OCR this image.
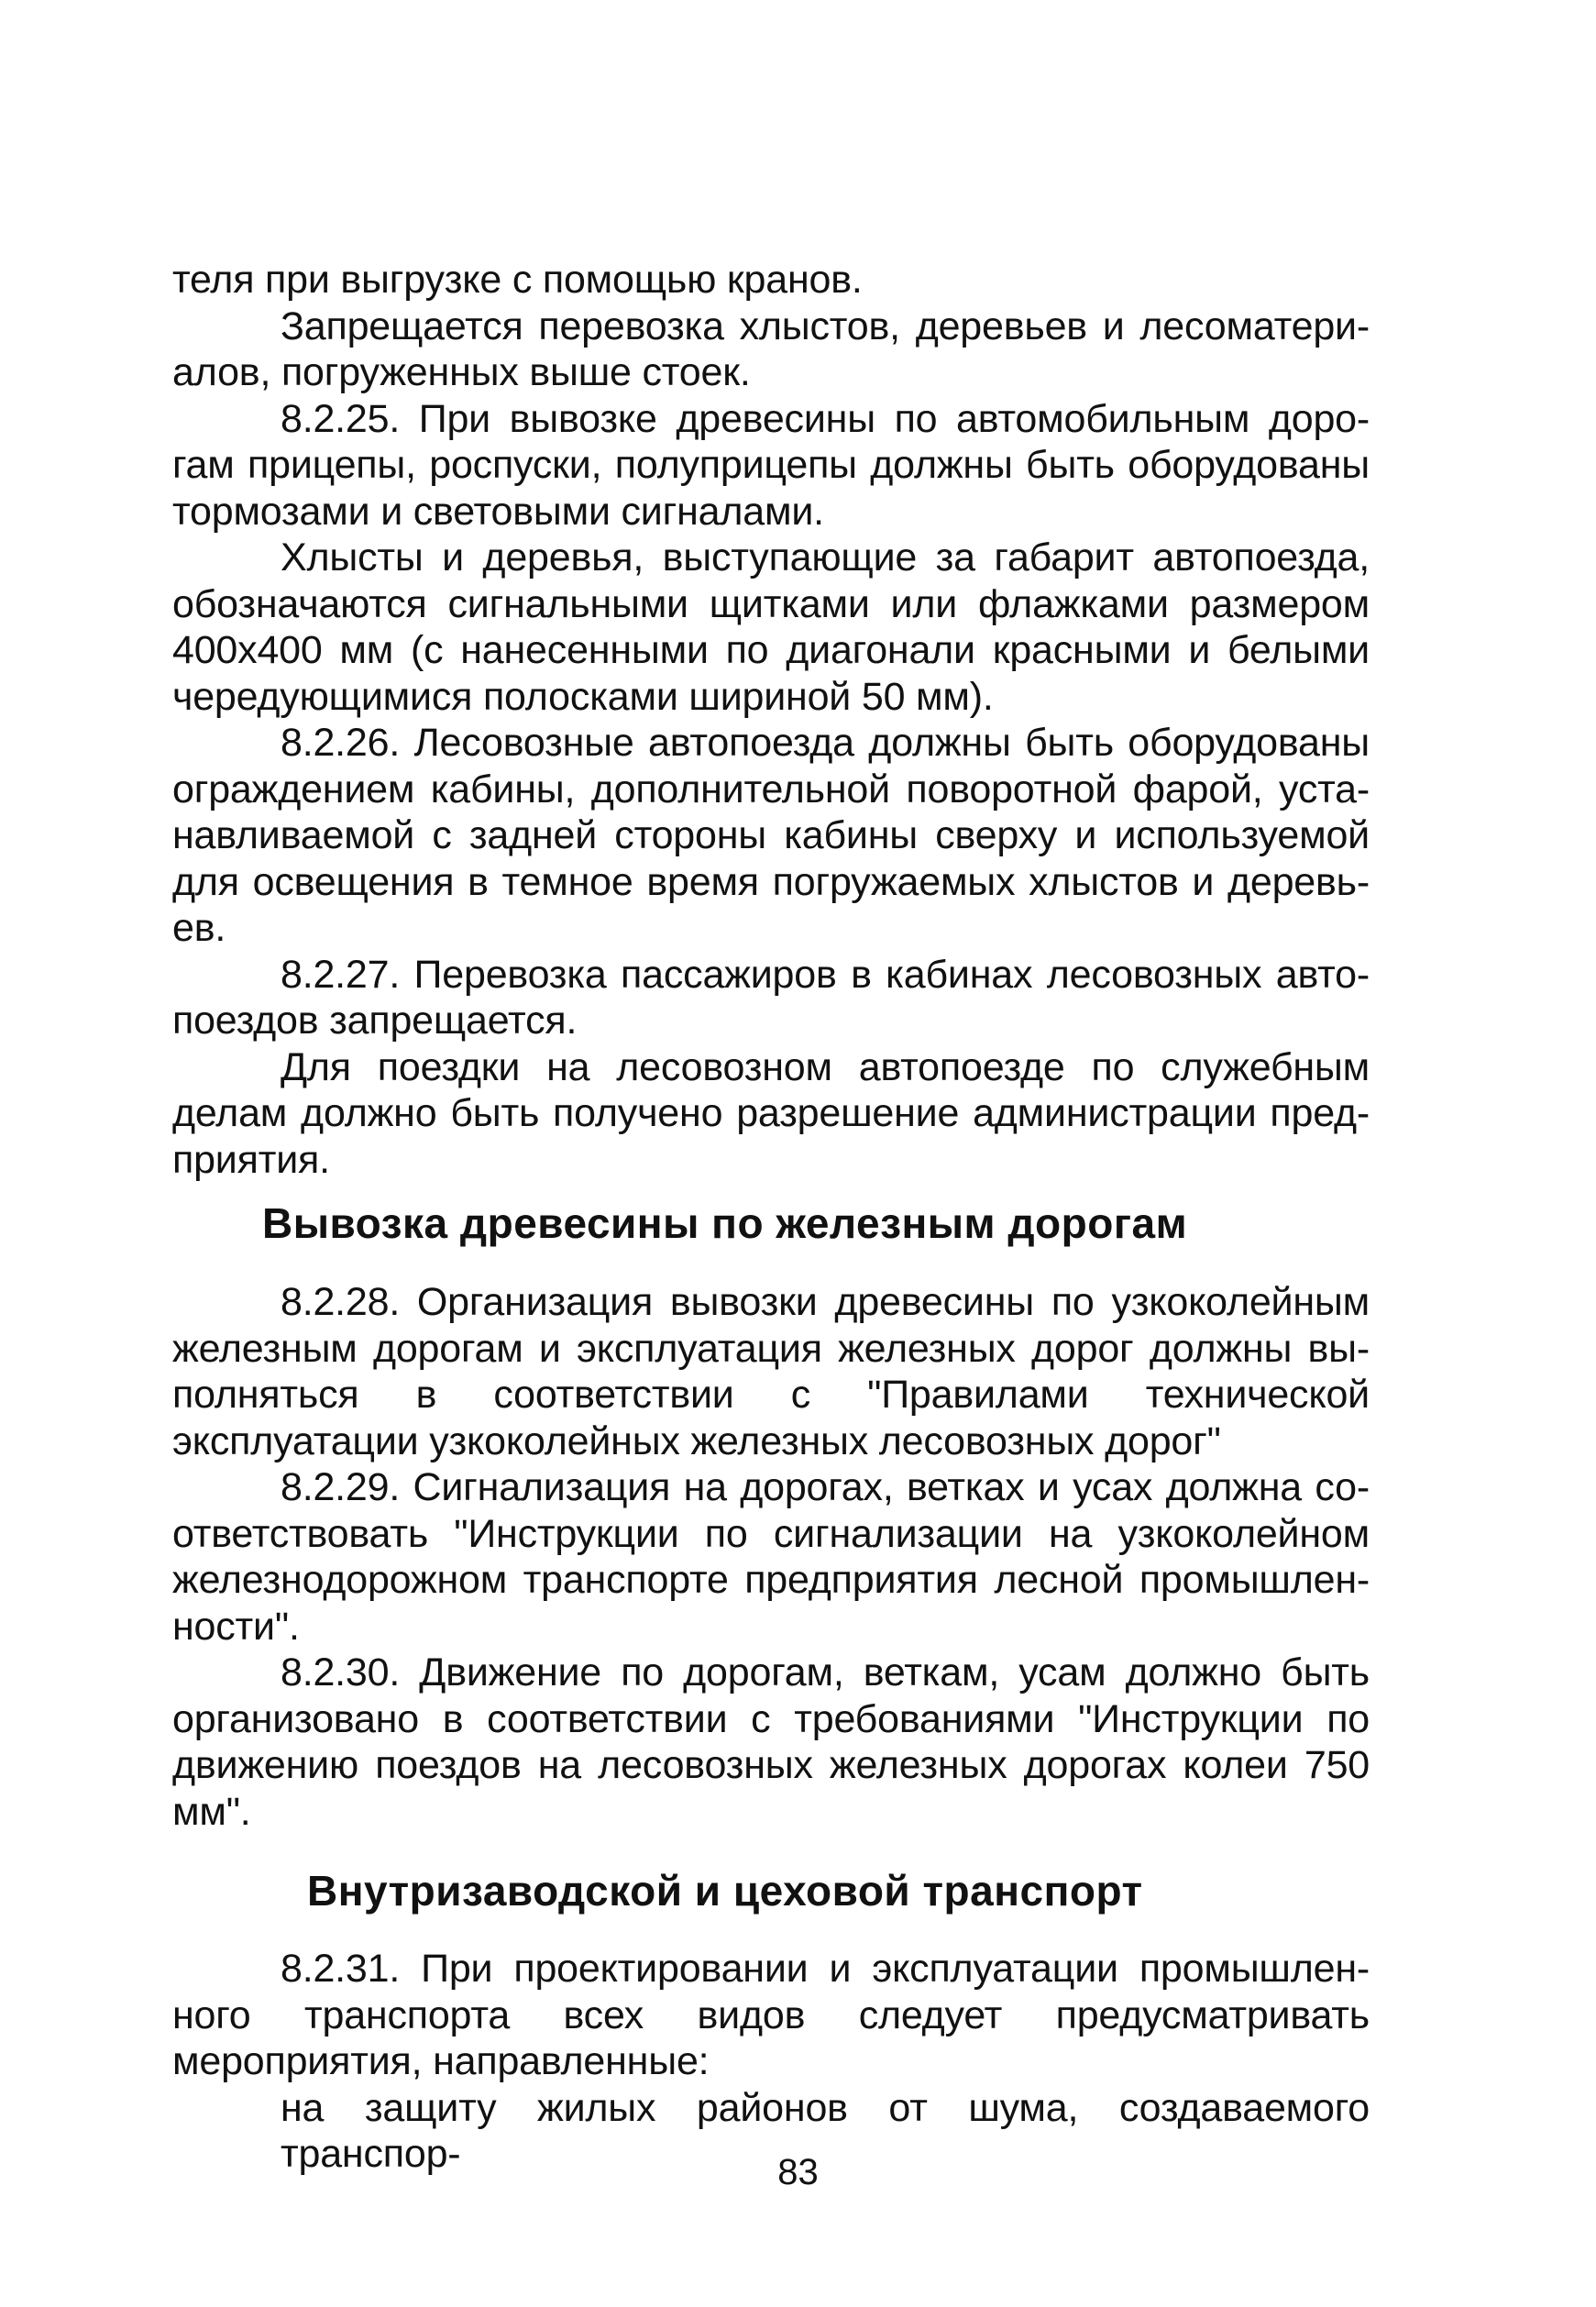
теля при выгрузке с помощью кранов.
Запрещается перевозка хлыстов, деревьев и лесоматери-
алов, погруженных выше стоек.
8.2.25. При вывозке древесины по автомобильным доро-
гам прицепы, роспуски, полуприцепы должны быть оборудованы
тормозами и световыми сигналами.
Хлысты и деревья, выступающие за габарит автопоезда,
обозначаются сигнальными щитками или флажками размером
400х400 мм (с нанесенными по диагонали красными и белыми
чередующимися полосками шириной 50 мм).
8.2.26. Лесовозные автопоезда должны быть оборудованы
ограждением кабины, дополнительной поворотной фарой, уста-
навливаемой с задней стороны кабины сверху и используемой
для освещения в темное время погружаемых хлыстов и деревь-
ев.
8.2.27. Перевозка пассажиров в кабинах лесовозных авто-
поездов запрещается.
Для поездки на лесовозном автопоезде по служебным
делам должно быть получено разрешение администрации пред-
приятия.
Вывозка древесины по железным дорогам
8.2.28. Организация вывозки древесины по узкоколейным
железным дорогам и эксплуатация железных дорог должны вы-
полняться в соответствии с "Правилами технической
эксплуатации узкоколейных железных лесовозных дорог"
8.2.29. Сигнализация на дорогах, ветках и усах должна со-
ответствовать "Инструкции по сигнализации на узкоколейном
железнодорожном транспорте предприятия лесной промышлен-
ности".
8.2.30. Движение по дорогам, веткам, усам должно быть
организовано в соответствии с требованиями "Инструкции по
движению поездов на лесовозных железных дорогах колеи 750
мм".
Внутризаводской и цеховой транспорт
8.2.31. При проектировании и эксплуатации промышлен-
ного транспорта всех видов следует предусматривать
мероприятия, направленные:
на защиту жилых районов от шума, создаваемого транспор-	83
